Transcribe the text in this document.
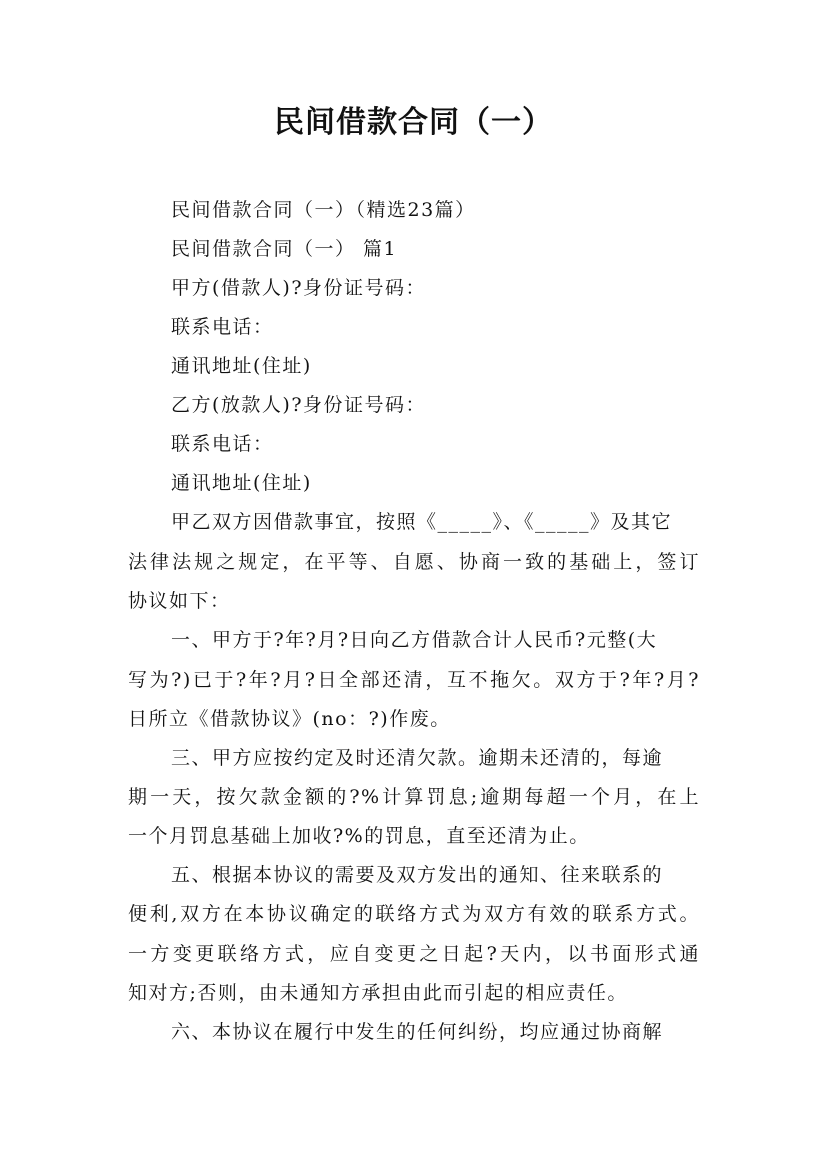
民间借款合同（一）
民间借款合同（一）（精选23篇）
民间借款合同（一） 篇1
甲方(借款人)?身份证号码：
联系电话：
通讯地址(住址)
乙方(放款人)?身份证号码：
联系电话：
通讯地址(住址)
甲乙双方因借款事宜，按照《_____》、《_____》及其它
法律法规之规定，在平等、自愿、协商一致的基础上，签订
协议如下：
一、甲方于?年?月?日向乙方借款合计人民币?元整(大
写为?)已于?年?月?日全部还清，互不拖欠。双方于?年?月?
日所立《借款协议》(no：?)作废。
三、甲方应按约定及时还清欠款。逾期未还清的，每逾
期一天，按欠款金额的?%计算罚息;逾期每超一个月，在上
一个月罚息基础上加收?%的罚息，直至还清为止。
五、根据本协议的需要及双方发出的通知、往来联系的
便利,双方在本协议确定的联络方式为双方有效的联系方式。
一方变更联络方式，应自变更之日起?天内，以书面形式通
知对方;否则，由未通知方承担由此而引起的相应责任。
六、本协议在履行中发生的任何纠纷，均应通过协商解
